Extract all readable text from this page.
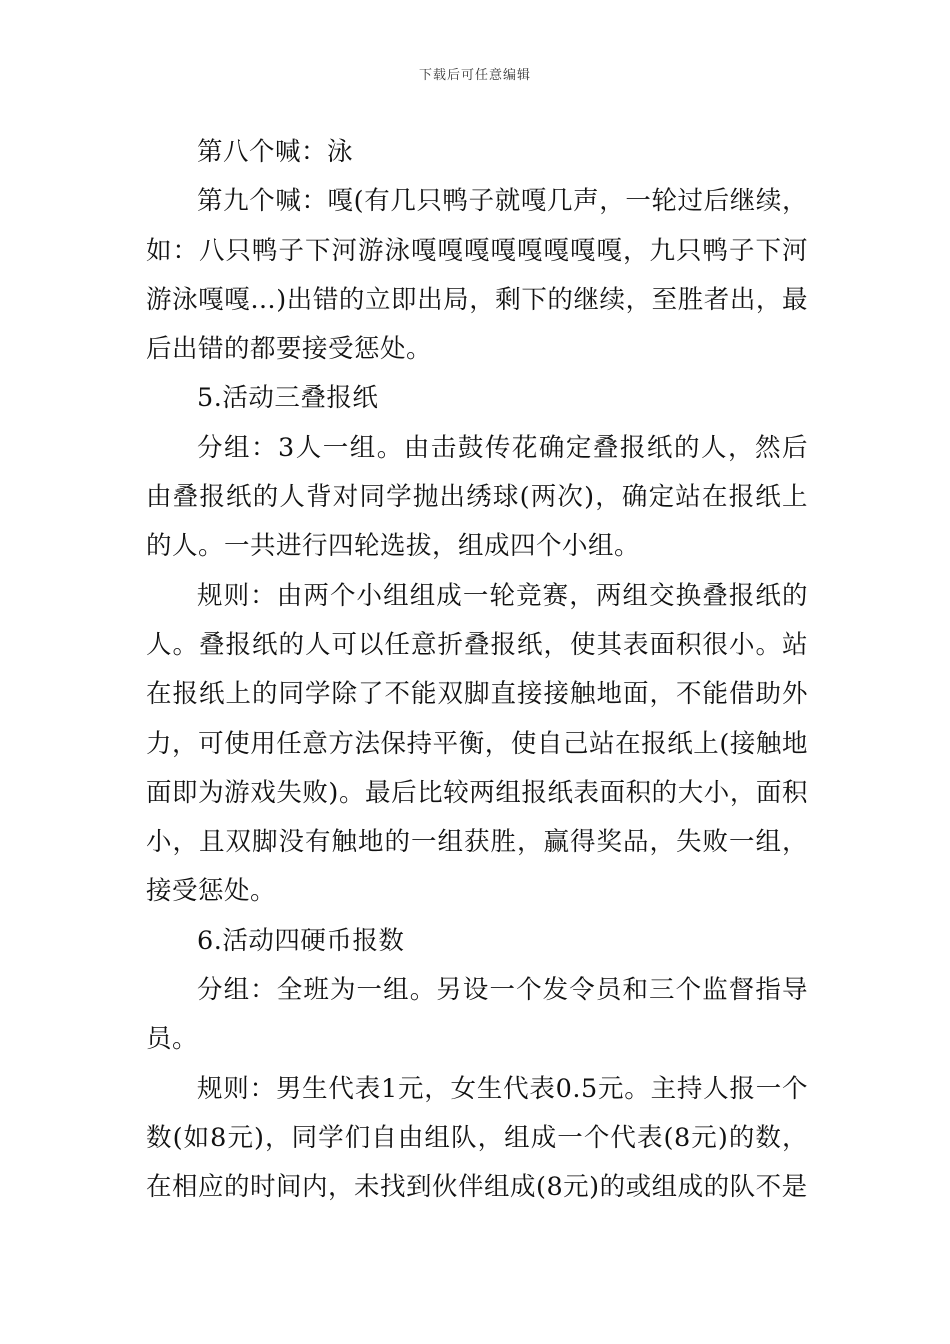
下载后可任意编辑

第八个喊：泳

第九个喊：嘎(有几只鸭子就嘎几声，一轮过后继续，如：八只鸭子下河游泳嘎嘎嘎嘎嘎嘎嘎嘎，九只鸭子下河游泳嘎嘎…)出错的立即出局，剩下的继续，至胜者出，最后出错的都要接受惩处。

5.活动三叠报纸

分组：3人一组。由击鼓传花确定叠报纸的人，然后由叠报纸的人背对同学抛出绣球(两次)，确定站在报纸上的人。一共进行四轮选拔，组成四个小组。

规则：由两个小组组成一轮竞赛，两组交换叠报纸的人。叠报纸的人可以任意折叠报纸，使其表面积很小。站在报纸上的同学除了不能双脚直接接触地面，不能借助外力，可使用任意方法保持平衡，使自己站在报纸上(接触地面即为游戏失败)。最后比较两组报纸表面积的大小，面积小，且双脚没有触地的一组获胜，赢得奖品，失败一组，接受惩处。

6.活动四硬币报数

分组：全班为一组。另设一个发令员和三个监督指导员。

规则：男生代表1元，女生代表0.5元。主持人报一个数(如8元)，同学们自由组队，组成一个代表(8元)的数，在相应的时间内，未找到伙伴组成(8元)的或组成的队不是
